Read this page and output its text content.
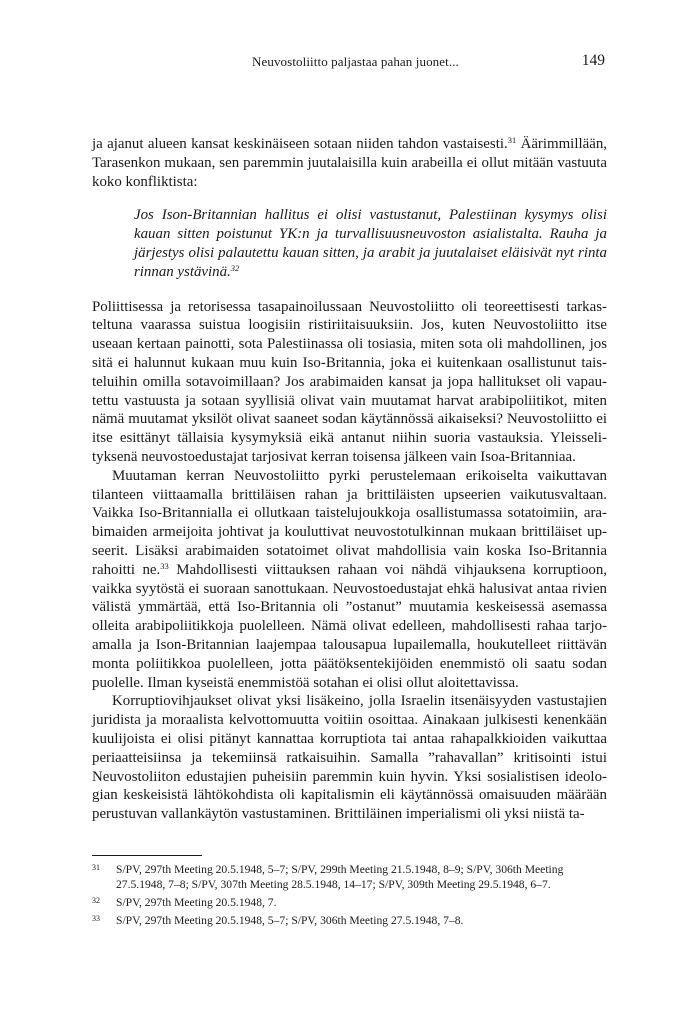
Neuvostoliitto paljastaa pahan juonet...	149

ja ajanut alueen kansat keskinäiseen sotaan niiden tahdon vastaisesti.$^{31}$ Äärimmillään, Tarasenkon mukaan, sen paremmin juutalaisilla kuin arabeilla ei ollut mitään vastuuta koko konfliktista:

Jos Ison-Britannian hallitus ei olisi vastustanut, Palestiinan kysymys olisi kauan sitten poistunut YK:n ja turvallisuusneuvoston asialistalta. Rauha ja järjestys olisi palautettu kauan sitten, ja arabit ja juutalaiset eläisivät nyt rinta rinnan ystävinä.$^{32}$

Poliittisessa ja retorisessa tasapainoilussaan Neuvostoliitto oli teoreettisesti tarkasteltuna vaarassa suistua loogisiin ristiriitaisuuksiin. Jos, kuten Neuvostoliitto itse useaan kertaan painotti, sota Palestiinassa oli tosiasia, miten sota oli mahdollinen, jos sitä ei halunnut kukaan muu kuin Iso-Britannia, joka ei kuitenkaan osallistunut taisteluihin omilla sotavoimillaan? Jos arabimaiden kansat ja jopa hallitukset oli vapautettu vastuusta ja sotaan syyllisiä olivat vain muutamat harvat arabipoliitikot, miten nämä muutamat yksilöt olivat saaneet sodan käytännössä aikaiseksi? Neuvostoliitto ei itse esittänyt tällaisia kysymyksiä eikä antanut niihin suoria vastauksia. Yleisselityksenä neuvostoedustajat tarjosivat kerran toisensa jälkeen vain Isoa-Britanniaa.

Muutaman kerran Neuvostoliitto pyrki perustelemaan erikoiselta vaikuttavan tilanteen viittaamalla brittiläisen rahan ja brittiläisten upseerien vaikutusvaltaan. Vaikka Iso-Britannialla ei ollutkaan taistelujoukkoja osallistumassa sotatoimiin, arabimaiden armeijoita johtivat ja kouluttivat neuvostotulkinnan mukaan brittiläiset upseerit. Lisäksi arabimaiden sotatoimet olivat mahdollisia vain koska Iso-Britannia rahoitti ne.$^{33}$ Mahdollisesti viittauksen rahaan voi nähdä vihjauksena korruptioon, vaikka syytöstä ei suoraan sanottukaan. Neuvostoedustajat ehkä halusivat antaa rivien välistä ymmärtää, että Iso-Britannia oli ”ostanut” muutamia keskeisessä asemassa olleita arabipoliitikkoja puolelleen. Nämä olivat edelleen, mahdollisesti rahaa tarjoamalla ja Ison-Britannian laajempaa talousapua lupailemalla, houkutelleet riittävän monta poliitikkoa puolelleen, jotta päätöksentekijöiden enemmistö oli saatu sodan puolelle. Ilman kyseistä enemmistöä sotahan ei olisi ollut aloitettavissa.

Korruptiovihjaukset olivat yksi lisäkeino, jolla Israelin itsenäisyyden vastustajien juridista ja moraalista kelvottomuutta voitiin osoittaa. Ainakaan julkisesti kenenkään kuulijoista ei olisi pitänyt kannattaa korruptiota tai antaa rahapalkkioiden vaikuttaa periaatteisiinsa ja tekemiinsä ratkaisuihin. Samalla ”rahavallan” kritisointi istui Neuvostoliiton edustajien puheisiin paremmin kuin hyvin. Yksi sosialistisen ideologian keskeisistä lähtökohdista oli kapitalismin eli käytännössä omaisuuden määrään perustuvan vallankäytön vastustaminen. Brittiläinen imperialismi oli yksi niistä ta-

31 S/PV, 297th Meeting 20.5.1948, 5–7; S/PV, 299th Meeting 21.5.1948, 8–9; S/PV, 306th Meeting 27.5.1948, 7–8; S/PV, 307th Meeting 28.5.1948, 14–17; S/PV, 309th Meeting 29.5.1948, 6–7.
32 S/PV, 297th Meeting 20.5.1948, 7.
33 S/PV, 297th Meeting 20.5.1948, 5–7; S/PV, 306th Meeting 27.5.1948, 7–8.
